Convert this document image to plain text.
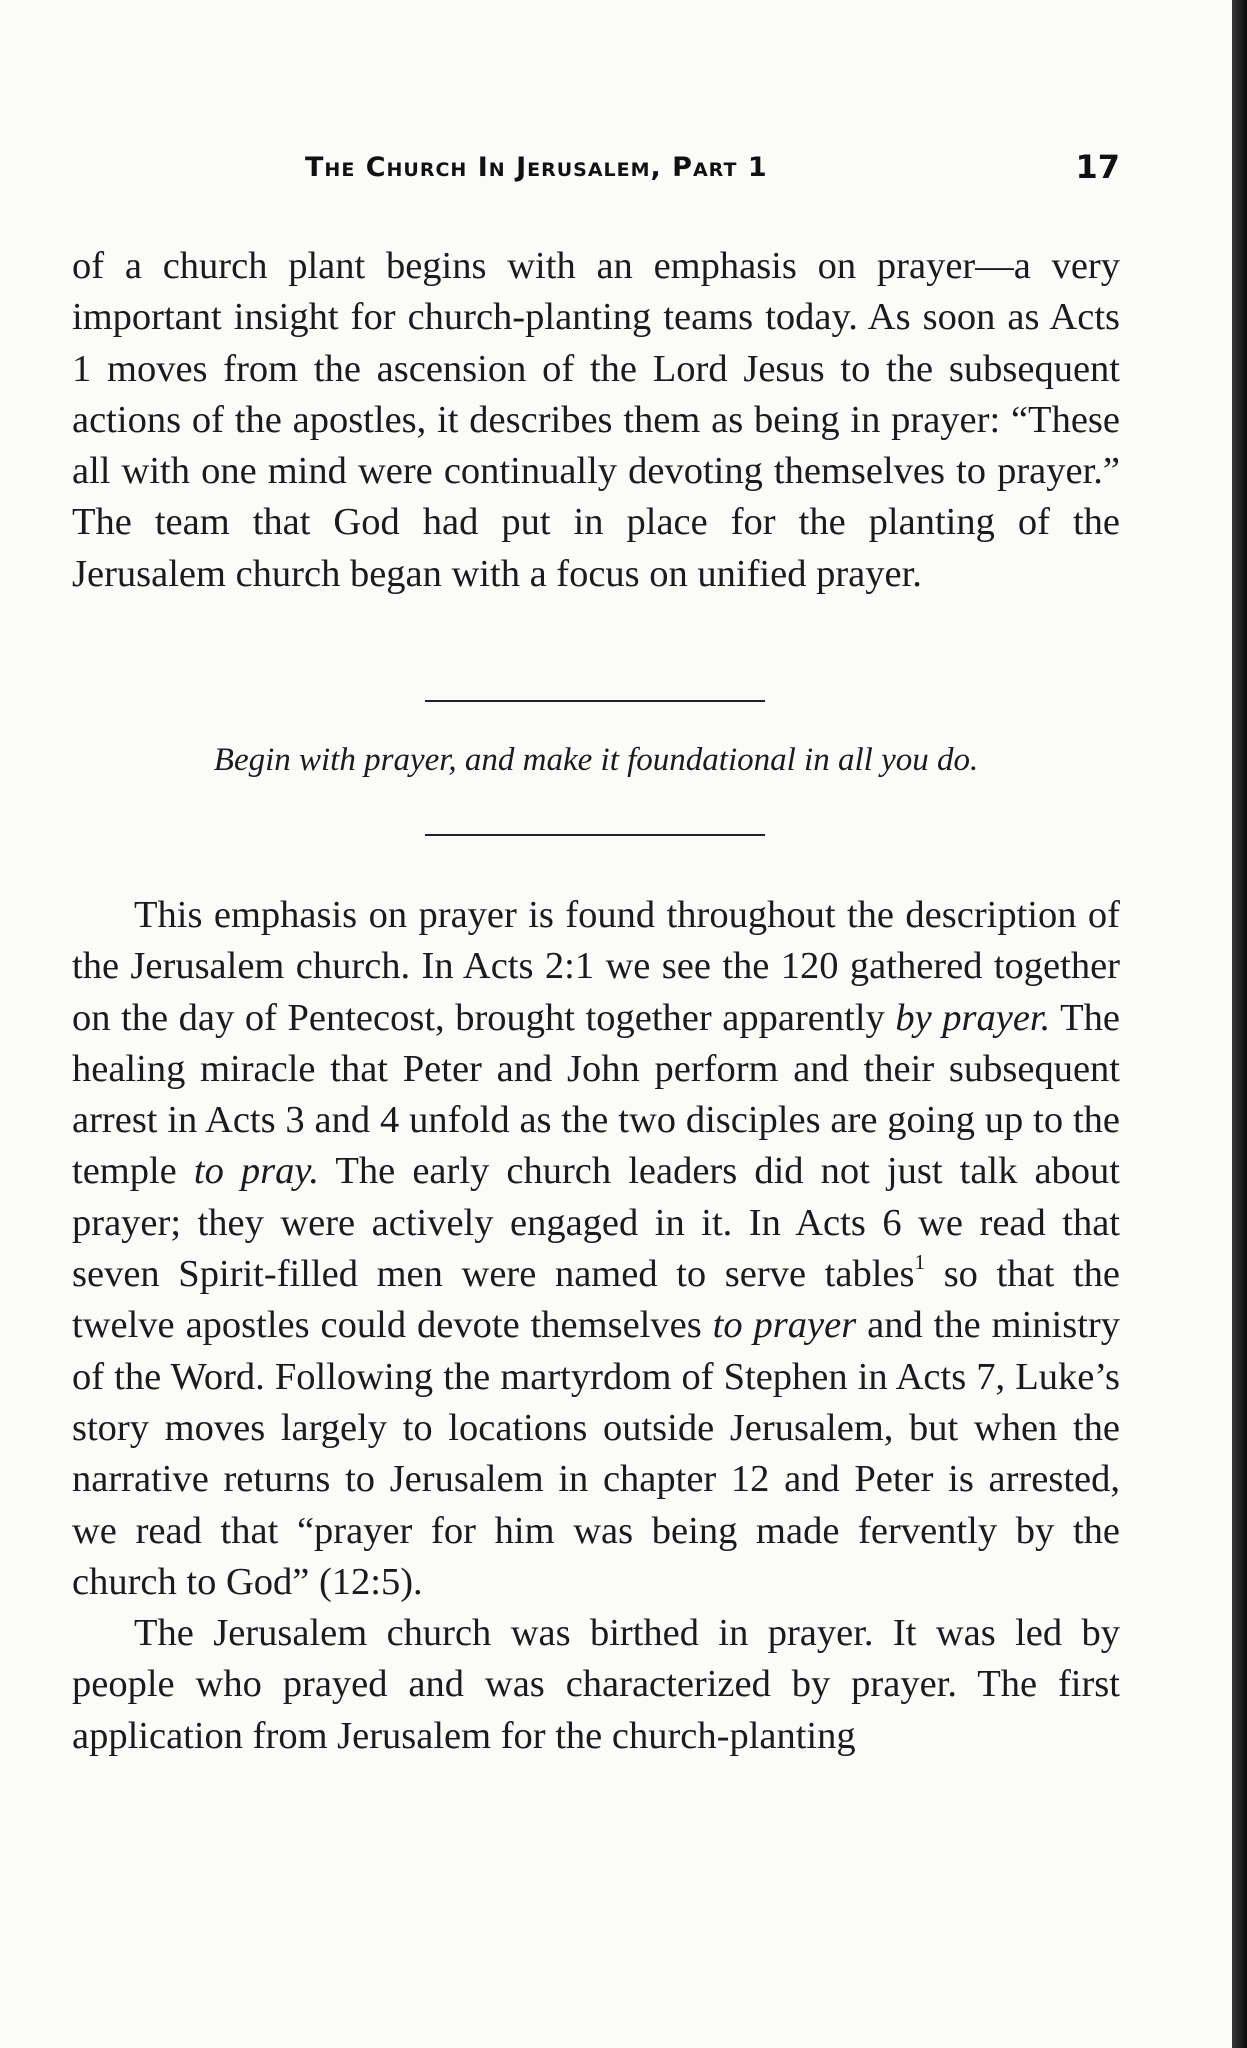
The Church In Jerusalem, Part 1	17

of a church plant begins with an emphasis on prayer—a very important insight for church-planting teams today. As soon as Acts 1 moves from the ascension of the Lord Jesus to the subsequent actions of the apostles, it describes them as being in prayer: “These all with one mind were continually devoting themselves to prayer.” The team that God had put in place for the planting of the Jerusalem church began with a focus on unified prayer.

Begin with prayer, and make it foundational in all you do.

This emphasis on prayer is found throughout the description of the Jerusalem church. In Acts 2:1 we see the 120 gathered together on the day of Pentecost, brought together apparently by prayer. The healing miracle that Peter and John perform and their subsequent arrest in Acts 3 and 4 unfold as the two disciples are going up to the temple to pray. The early church leaders did not just talk about prayer; they were actively engaged in it. In Acts 6 we read that seven Spirit-filled men were named to serve tables$^1$ so that the twelve apostles could devote themselves to prayer and the ministry of the Word. Following the martyrdom of Stephen in Acts 7, Luke’s story moves largely to locations outside Jerusalem, but when the narrative returns to Jerusalem in chapter 12 and Peter is arrested, we read that “prayer for him was being made fervently by the church to God” (12:5).

The Jerusalem church was birthed in prayer. It was led by people who prayed and was characterized by prayer. The first application from Jerusalem for the church-planting
